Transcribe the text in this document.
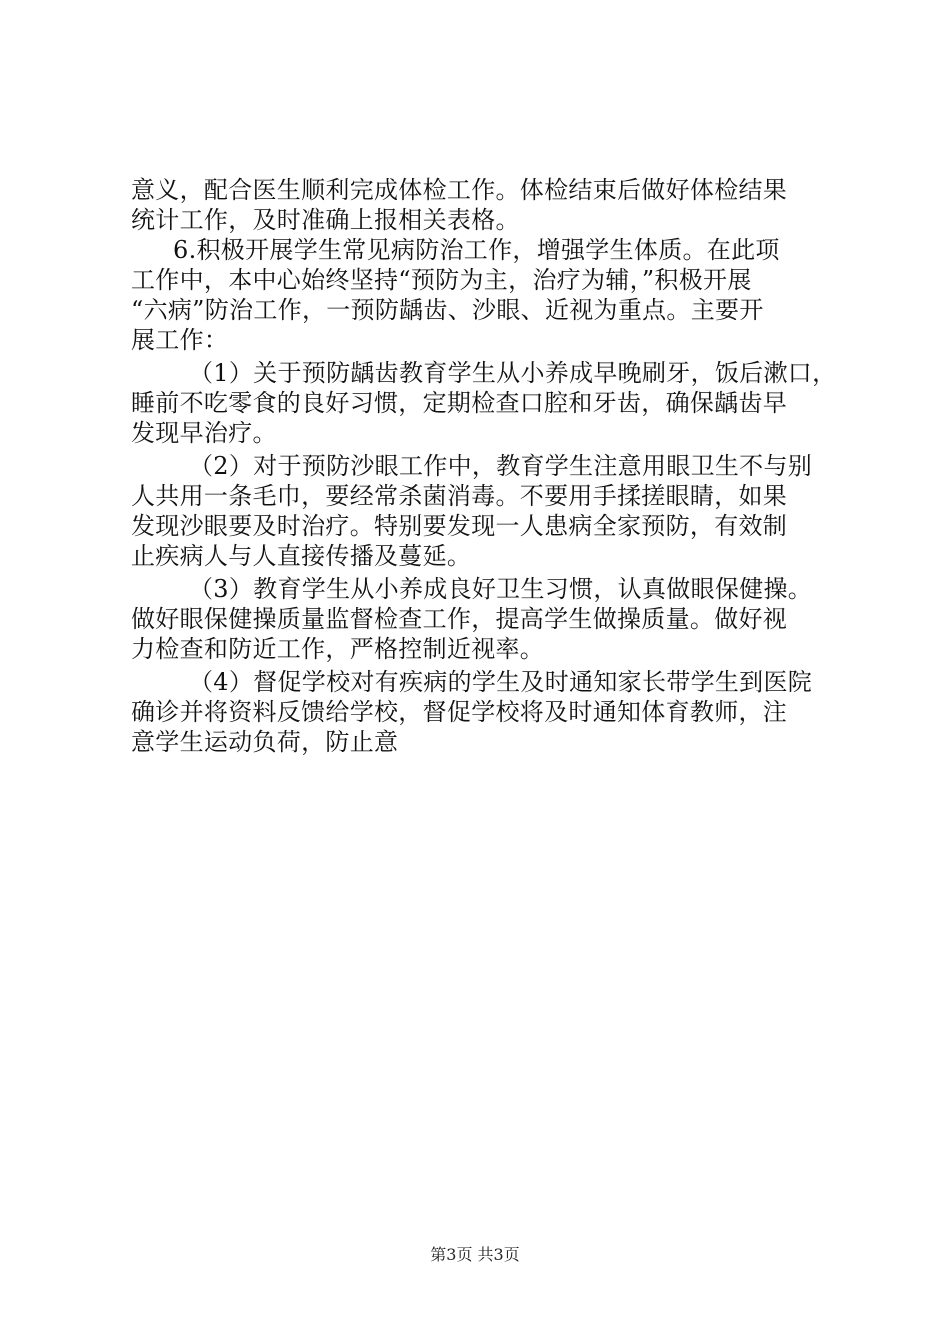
意义，配合医生顺利完成体检工作。体检结束后做好体检结果
统计工作，及时准确上报相关表格。
6.积极开展学生常见病防治工作，增强学生体质。在此项
工作中，本中心始终坚持“预防为主，治疗为辅，”积极开展
“六病”防治工作，一预防龋齿、沙眼、近视为重点。主要开
展工作：
（1）关于预防龋齿教育学生从小养成早晚刷牙，饭后漱口，
睡前不吃零食的良好习惯，定期检查口腔和牙齿，确保龋齿早
发现早治疗。
（2）对于预防沙眼工作中，教育学生注意用眼卫生不与别
人共用一条毛巾，要经常杀菌消毒。不要用手揉搓眼睛，如果
发现沙眼要及时治疗。特别要发现一人患病全家预防，有效制
止疾病人与人直接传播及蔓延。
（3）教育学生从小养成良好卫生习惯，认真做眼保健操。
做好眼保健操质量监督检查工作，提高学生做操质量。做好视
力检查和防近工作，严格控制近视率。
（4）督促学校对有疾病的学生及时通知家长带学生到医院
确诊并将资料反馈给学校，督促学校将及时通知体育教师，注
意学生运动负荷，防止意
第3页 共3页
